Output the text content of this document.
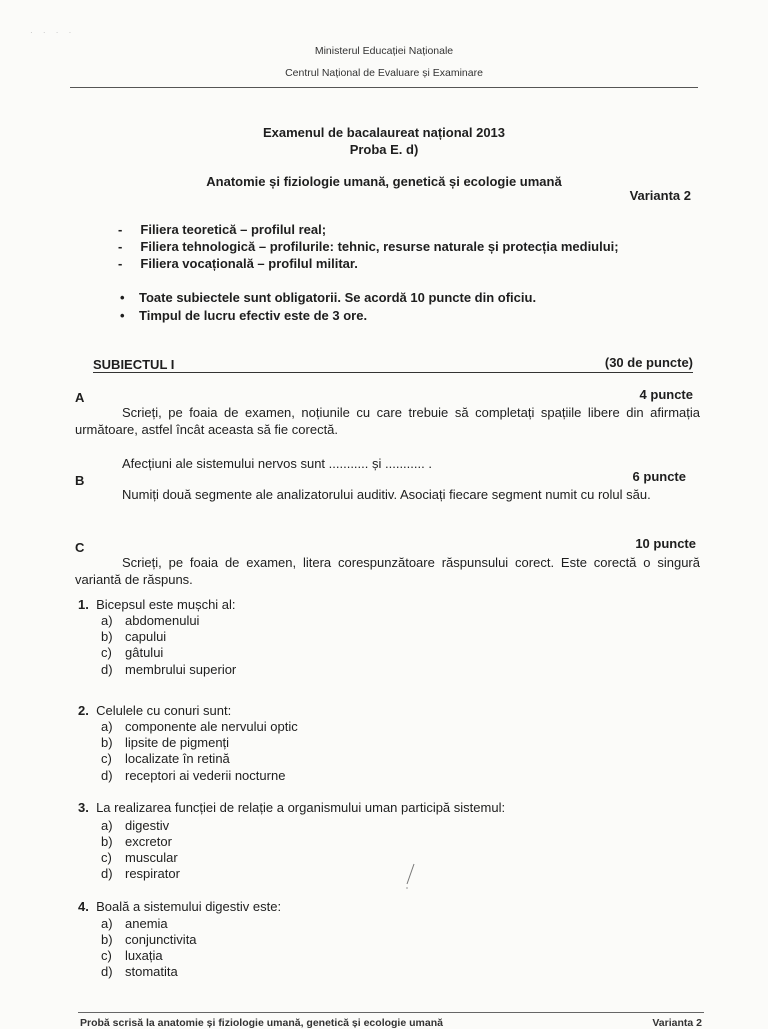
· · · ·
Ministerul Educației Naționale
Centrul Național de Evaluare și Examinare
Examenul de bacalaureat național 2013
Proba E. d)
Anatomie și fiziologie umană, genetică și ecologie umană
Varianta 2
-     Filiera teoretică – profilul real;
-     Filiera tehnologică – profilurile: tehnic, resurse naturale și protecția mediului;
-     Filiera vocațională – profilul militar.
•    Toate subiectele sunt obligatorii. Se acordă 10 puncte din oficiu.
•    Timpul de lucru efectiv este de 3 ore.
SUBIECTUL I	(30 de puncte)
A	4 puncte
Scrieți, pe foaia de examen, noțiunile cu care trebuie să completați spațiile libere din afirmația următoare, astfel încât aceasta să fie corectă.
Afecțiuni ale sistemului nervos sunt ........... și ........... .
B	6 puncte
Numiți două segmente ale analizatorului auditiv. Asociați fiecare segment numit cu rolul său.
C	10 puncte
Scrieți, pe foaia de examen, litera corespunzătoare răspunsului corect. Este corectă o singură variantă de răspuns.
1. Bicepsul este mușchi al:
a) abdomenului
b) capului
c) gâtului
d) membrului superior
2. Celulele cu conuri sunt:
a) componente ale nervului optic
b) lipsite de pigmenți
c) localizate în retină
d) receptori ai vederii nocturne
3. La realizarea funcției de relație a organismului uman participă sistemul:
a) digestiv
b) excretor
c) muscular
d) respirator
4. Boală a sistemului digestiv este:
a) anemia
b) conjunctivita
c) luxația
d) stomatita
Probă scrisă la anatomie și fiziologie umană, genetică și ecologie umană	Varianta 2
